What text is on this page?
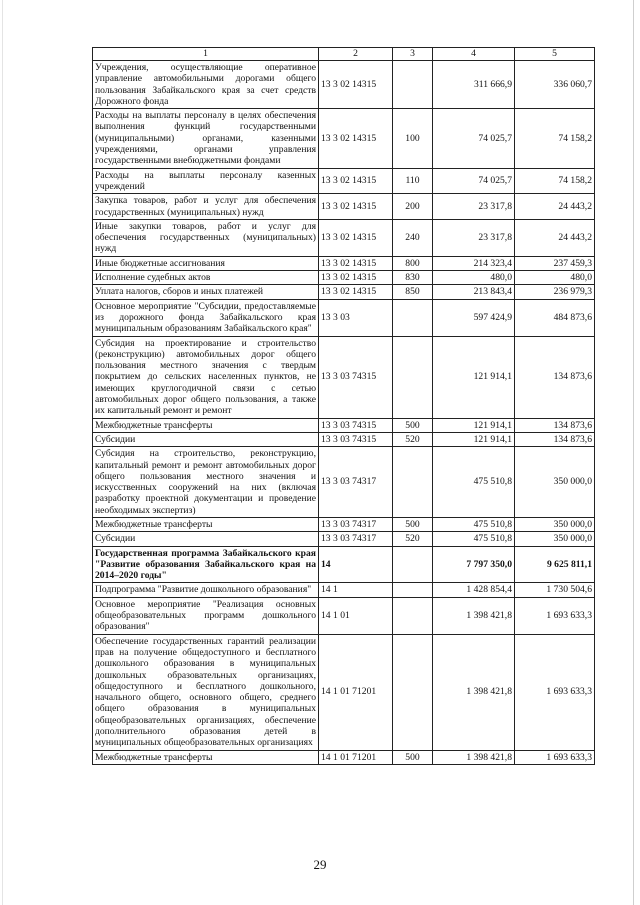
1	2	3	4	5
Учреждения, осуществляющие оперативное управление автомобильными дорогами общего пользования Забайкальского края за счет средств Дорожного фонда	13 3 02 14315		311 666,9	336 060,7
Расходы на выплаты персоналу в целях обеспечения выполнения функций государственными (муниципальными) органами, казенными учреждениями, органами управления государственными внебюджетными фондами	13 3 02 14315	100	74 025,7	74 158,2
Расходы на выплаты персоналу казенных учреждений	13 3 02 14315	110	74 025,7	74 158,2
Закупка товаров, работ и услуг для обеспечения государственных (муниципальных) нужд	13 3 02 14315	200	23 317,8	24 443,2
Иные закупки товаров, работ и услуг для обеспечения государственных (муниципальных) нужд	13 3 02 14315	240	23 317,8	24 443,2
Иные бюджетные ассигнования	13 3 02 14315	800	214 323,4	237 459,3
Исполнение судебных актов	13 3 02 14315	830	480,0	480,0
Уплата налогов, сборов и иных платежей	13 3 02 14315	850	213 843,4	236 979,3
Основное мероприятие "Субсидии, предоставляемые из дорожного фонда Забайкальского края муниципальным образованиям Забайкальского края"	13 3 03		597 424,9	484 873,6
Субсидия на проектирование и строительство (реконструкцию) автомобильных дорог общего пользования местного значения с твердым покрытием до сельских населенных пунктов, не имеющих круглогодичной связи с сетью автомобильных дорог общего пользования, а также их капитальный ремонт и ремонт	13 3 03 74315		121 914,1	134 873,6
Межбюджетные трансферты	13 3 03 74315	500	121 914,1	134 873,6
Субсидии	13 3 03 74315	520	121 914,1	134 873,6
Субсидия на строительство, реконструкцию, капитальный ремонт и ремонт автомобильных дорог общего пользования местного значения и искусственных сооружений на них (включая разработку проектной документации и проведение необходимых экспертиз)	13 3 03 74317		475 510,8	350 000,0
Межбюджетные трансферты	13 3 03 74317	500	475 510,8	350 000,0
Субсидии	13 3 03 74317	520	475 510,8	350 000,0
Государственная программа Забайкальского края "Развитие образования Забайкальского края на 2014–2020 годы"	14		7 797 350,0	9 625 811,1
Подпрограмма "Развитие дошкольного образования"	14 1		1 428 854,4	1 730 504,6
Основное мероприятие "Реализация основных общеобразовательных программ дошкольного образования"	14 1 01		1 398 421,8	1 693 633,3
Обеспечение государственных гарантий реализации прав на получение общедоступного и бесплатного дошкольного образования в муниципальных дошкольных образовательных организациях, общедоступного и бесплатного дошкольного, начального общего, основного общего, среднего общего образования в муниципальных общеобразовательных организациях, обеспечение дополнительного образования детей в муниципальных общеобразовательных организациях	14 1 01 71201		1 398 421,8	1 693 633,3
Межбюджетные трансферты	14 1 01 71201	500	1 398 421,8	1 693 633,3
29
